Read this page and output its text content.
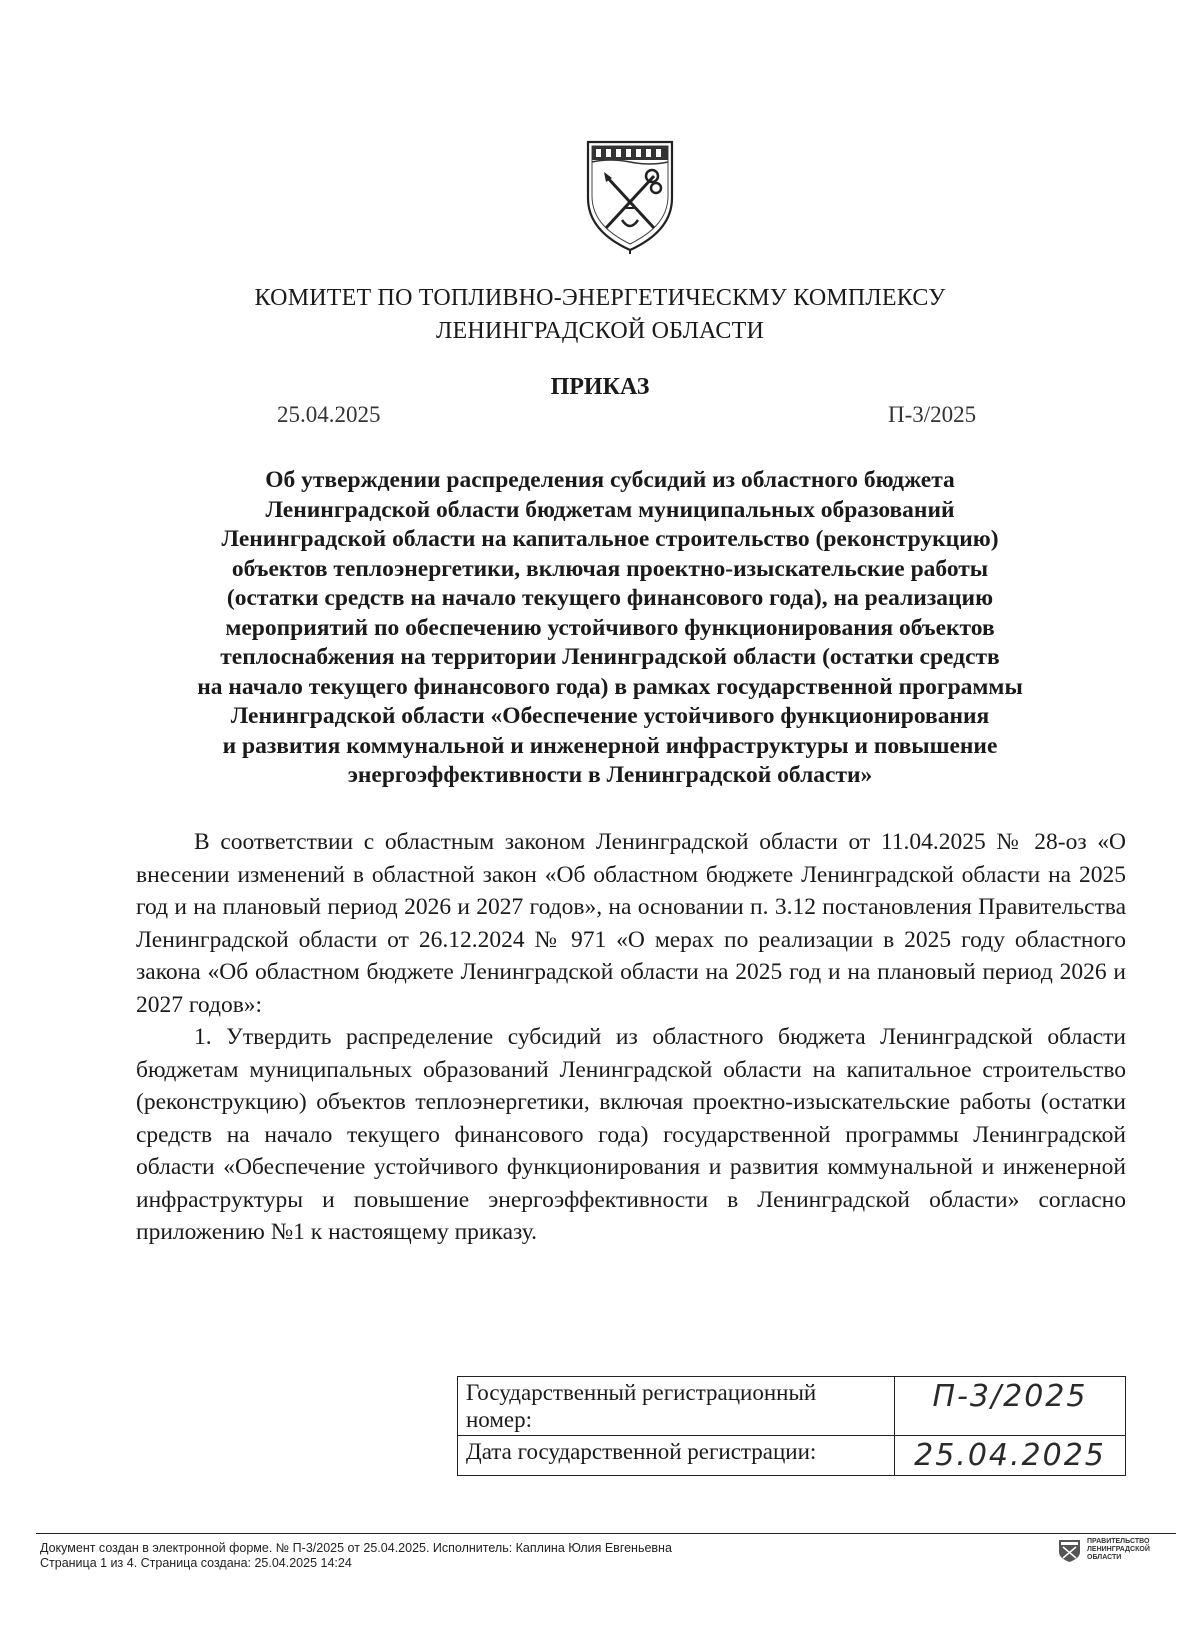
КОМИТЕТ ПО ТОПЛИВНО-ЭНЕРГЕТИЧЕСКМУ КОМПЛЕКСУ
ЛЕНИНГРАДСКОЙ ОБЛАСТИ
ПРИКАЗ
25.04.2025	П-3/2025
Об утверждении распределения субсидий из областного бюджета
Ленинградской области бюджетам муниципальных образований
Ленинградской области на капитальное строительство (реконструкцию)
объектов теплоэнергетики, включая проектно-изыскательские работы
(остатки средств на начало текущего финансового года), на реализацию
мероприятий по обеспечению устойчивого функционирования объектов
теплоснабжения на территории Ленинградской области (остатки средств
на начало текущего финансового года) в рамках государственной программы
Ленинградской области «Обеспечение устойчивого функционирования
и развития коммунальной и инженерной инфраструктуры и повышение
энергоэффективности в Ленинградской области»

В соответствии с областным законом Ленинградской области от 11.04.2025 № 28-оз «О внесении изменений в областной закон «Об областном бюджете Ленинградской области на 2025 год и на плановый период 2026 и 2027 годов», на основании п. 3.12 постановления Правительства Ленинградской области от 26.12.2024 № 971 «О мерах по реализации в 2025 году областного закона «Об областном бюджете Ленинградской области на 2025 год и на плановый период 2026 и 2027 годов»:

1. Утвердить распределение субсидий из областного бюджета Ленинградской области бюджетам муниципальных образований Ленинградской области на капитальное строительство (реконструкцию) объектов теплоэнергетики, включая проектно-изыскательские работы (остатки средств на начало текущего финансового года) государственной программы Ленинградской области «Обеспечение устойчивого функционирования и развития коммунальной и инженерной инфраструктуры и повышение энергоэффективности в Ленинградской области» согласно приложению №1 к настоящему приказу.

Государственный регистрационный номер:	П-3/2025
Дата государственной регистрации:	25.04.2025
Документ создан в электронной форме. № П-3/2025 от 25.04.2025. Исполнитель: Каплина Юлия Евгеньевна
Страница 1 из 4. Страница создана: 25.04.2025 14:24
ПРАВИТЕЛЬСТВО
ЛЕНИНГРАДСКОЙ
ОБЛАСТИ
